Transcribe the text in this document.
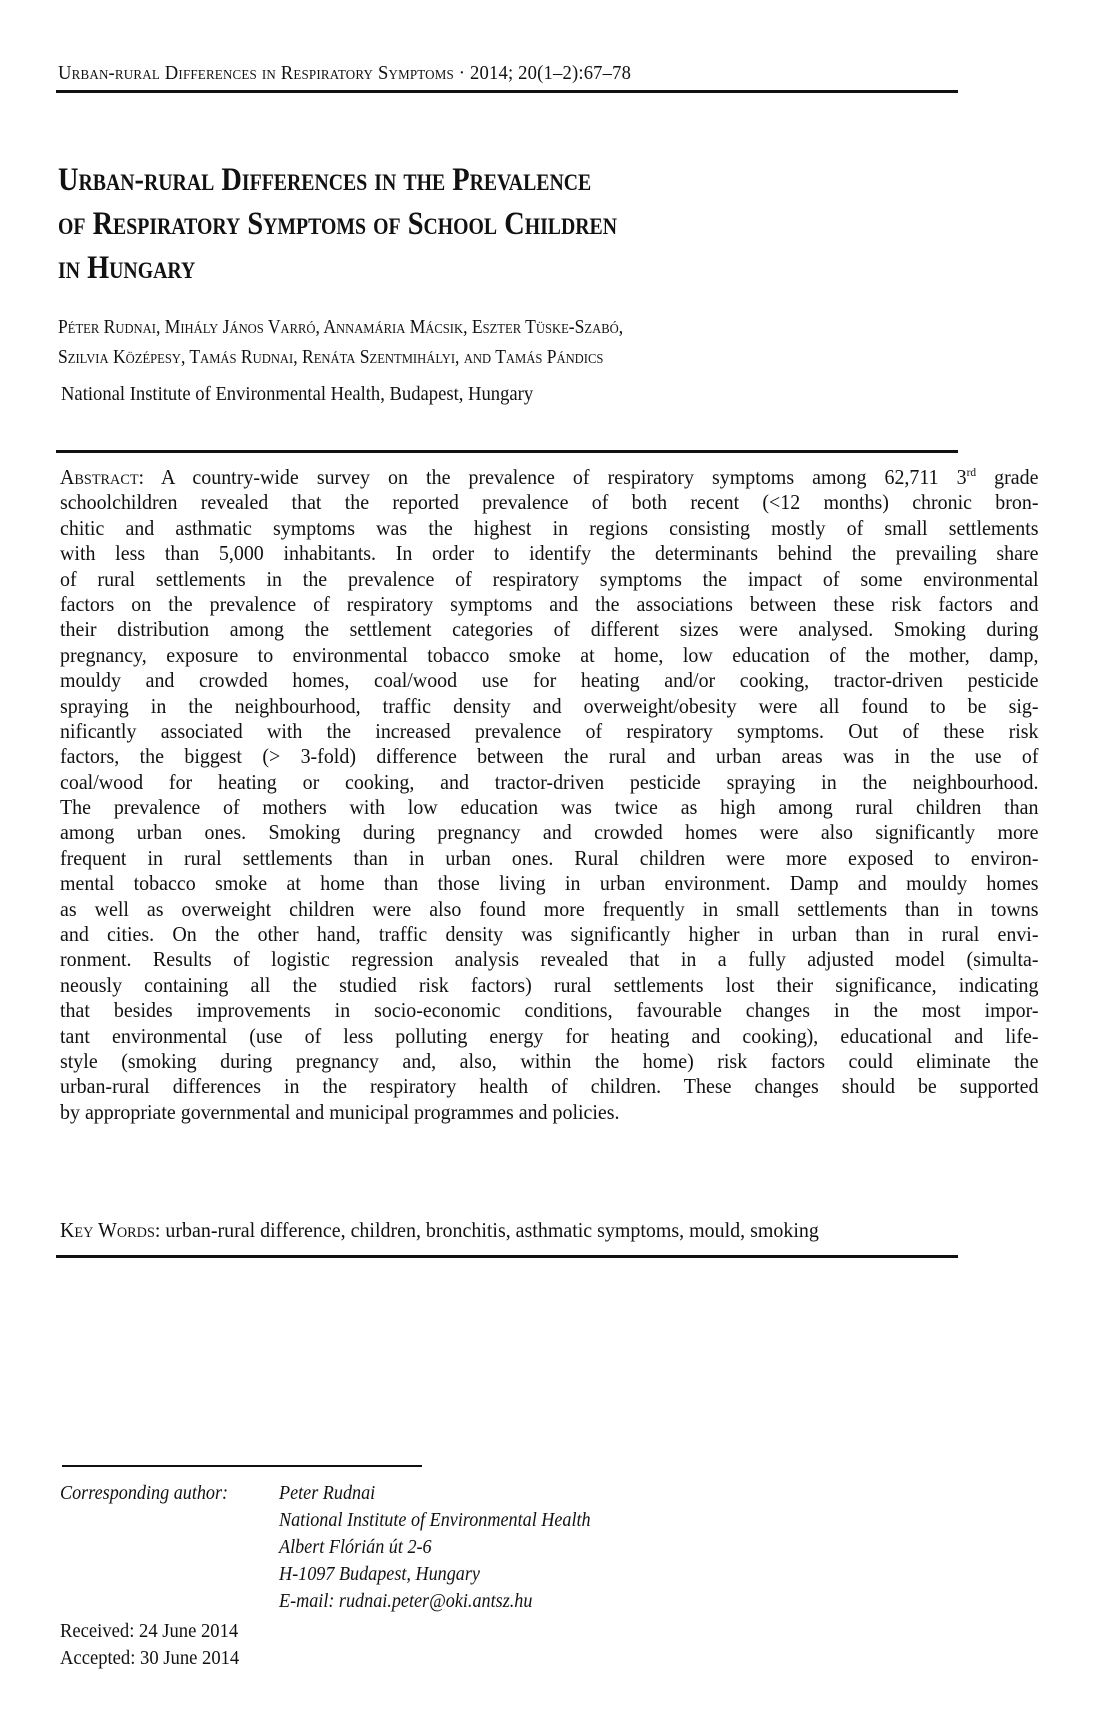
Urban-rural Differences in Respiratory Symptoms · 2014; 20(1–2):67–78
Urban-rural Differences in the Prevalence
of Respiratory Symptoms of School Children
in Hungary
Péter Rudnai, Mihály János Varró, Annamária Mácsik, Eszter Tüske-Szabó,
Szilvia Középesy, Tamás Rudnai, Renáta Szentmihályi, and Tamás Pándics
National Institute of Environmental Health, Budapest, Hungary
Abstract: A country-wide survey on the prevalence of respiratory symptoms among 62,711 3rd grade
schoolchildren revealed that the reported prevalence of both recent (<12 months) chronic bron-
chitic and asthmatic symptoms was the highest in regions consisting mostly of small settlements
with less than 5,000 inhabitants. In order to identify the determinants behind the prevailing share
of rural settlements in the prevalence of respiratory symptoms the impact of some environmental
factors on the prevalence of respiratory symptoms and the associations between these risk factors and
their distribution among the settlement categories of different sizes were analysed. Smoking during
pregnancy, exposure to environmental tobacco smoke at home, low education of the mother, damp,
mouldy and crowded homes, coal/wood use for heating and/or cooking, tractor-driven pesticide
spraying in the neighbourhood, traffic density and overweight/obesity were all found to be sig-
nificantly associated with the increased prevalence of respiratory symptoms. Out of these risk
factors, the biggest (> 3-fold) difference between the rural and urban areas was in the use of
coal/wood for heating or cooking, and tractor-driven pesticide spraying in the neighbourhood.
The prevalence of mothers with low education was twice as high among rural children than
among urban ones. Smoking during pregnancy and crowded homes were also significantly more
frequent in rural settlements than in urban ones. Rural children were more exposed to environ-
mental tobacco smoke at home than those living in urban environment. Damp and mouldy homes
as well as overweight children were also found more frequently in small settlements than in towns
and cities. On the other hand, traffic density was significantly higher in urban than in rural envi-
ronment. Results of logistic regression analysis revealed that in a fully adjusted model (simulta-
neously containing all the studied risk factors) rural settlements lost their significance, indicating
that besides improvements in socio-economic conditions, favourable changes in the most impor-
tant environmental (use of less polluting energy for heating and cooking), educational and life-
style (smoking during pregnancy and, also, within the home) risk factors could eliminate the
urban-rural differences in the respiratory health of children. These changes should be supported
by appropriate governmental and municipal programmes and policies.
Key Words: urban-rural difference, children, bronchitis, asthmatic symptoms, mould, smoking
Corresponding author:	Peter Rudnai
National Institute of Environmental Health
Albert Flórián út 2-6
H-1097 Budapest, Hungary
E-mail: rudnai.peter@oki.antsz.hu
Received: 24 June 2014
Accepted: 30 June 2014
